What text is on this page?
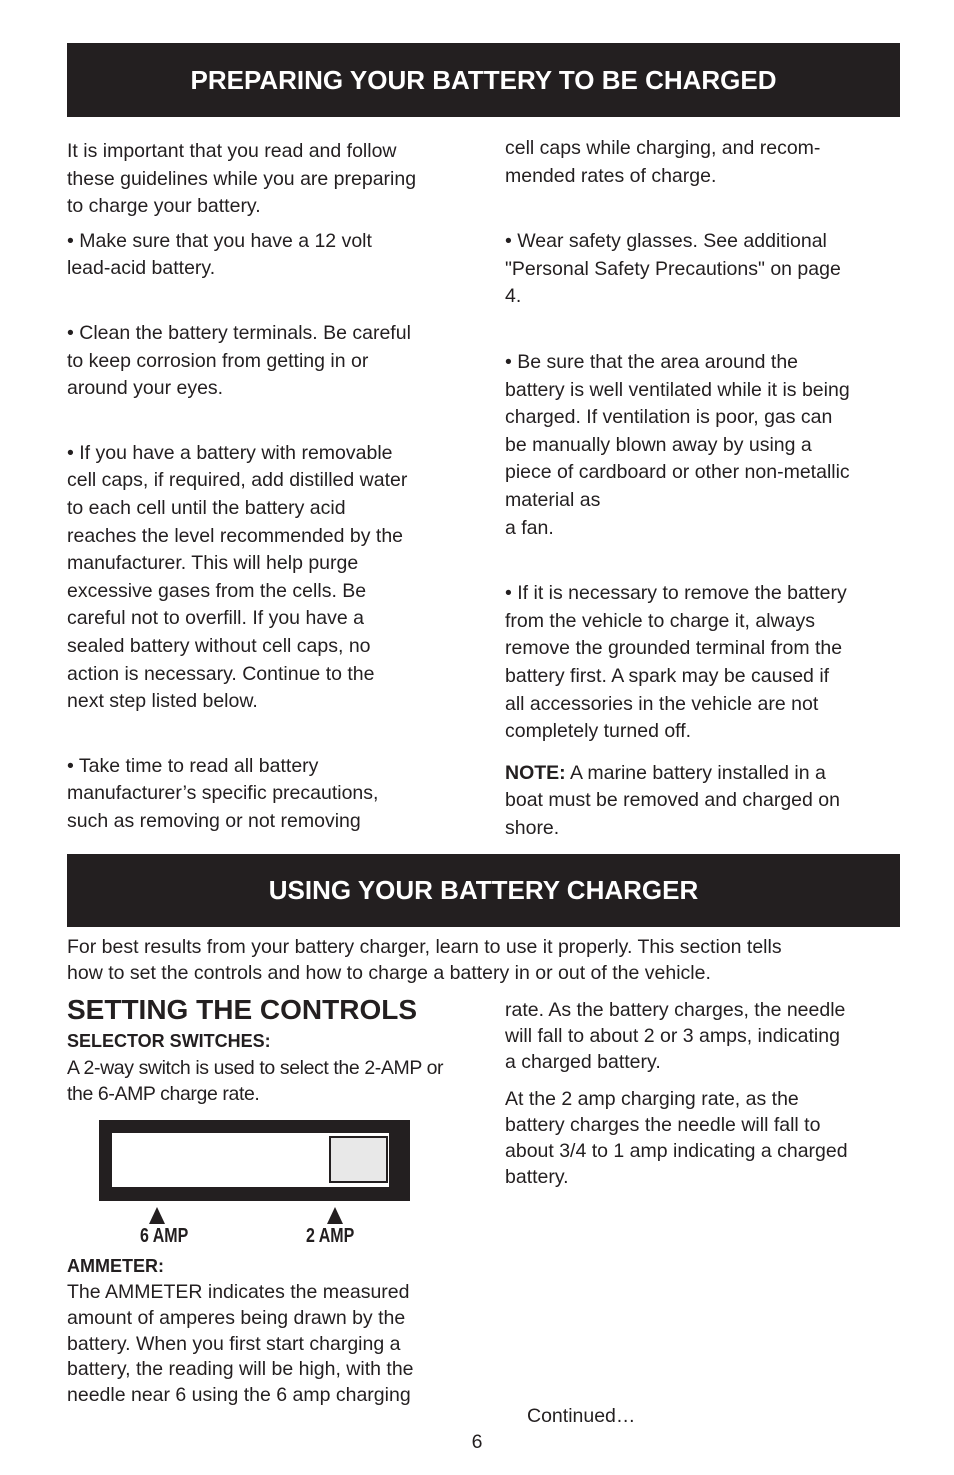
PREPARING YOUR BATTERY TO BE CHARGED

It is important that you read and follow
these guidelines while you are preparing
to charge your battery.

• Make sure that you have a 12 volt
lead-acid battery.

• Clean the battery terminals. Be careful
to keep corrosion from getting in or
around your eyes.

• If you have a battery with removable
cell caps, if required, add distilled water
to each cell until the battery acid
reaches the level recommended by the
manufacturer. This will help purge
excessive gases from the cells. Be
careful not to overfill. If you have a
sealed battery without cell caps, no
action is necessary. Continue to the
next step listed below.

• Take time to read all battery
manufacturer’s specific precautions,
such as removing or not removing

cell caps while charging, and recom-
mended rates of charge.

• Wear safety glasses. See additional
"Personal Safety Precautions" on page
4.

• Be sure that the area around the
battery is well ventilated while it is being
charged. If ventilation is poor, gas can
be manually blown away by using a
piece of cardboard or other non-metallic
material as
a fan.

• If it is necessary to remove the battery
from the vehicle to charge it, always
remove the grounded terminal from the
battery first. A spark may be caused if
all accessories in the vehicle are not
completely turned off.

NOTE: A marine battery installed in a
boat must be removed and charged on
shore.

USING YOUR BATTERY CHARGER

For best results from your battery charger, learn to use it properly. This section tells
how to set the controls and how to charge a battery in or out of the vehicle.

SETTING THE CONTROLS
SELECTOR SWITCHES:

A 2-way switch is used to select the 2-AMP or the 6-AMP charge rate.

6 AMP	2 AMP
AMMETER:

The AMMETER indicates the measured
amount of amperes being drawn by the
battery. When you first start charging a
battery, the reading will be high, with the
needle near 6 using the 6 amp charging

rate. As the battery charges, the needle
will fall to about 2 or 3 amps, indicating
a charged battery.

At the 2 amp charging rate, as the
battery charges the needle will fall to
about 3/4 to 1 amp indicating a charged
battery.

Continued…

6
